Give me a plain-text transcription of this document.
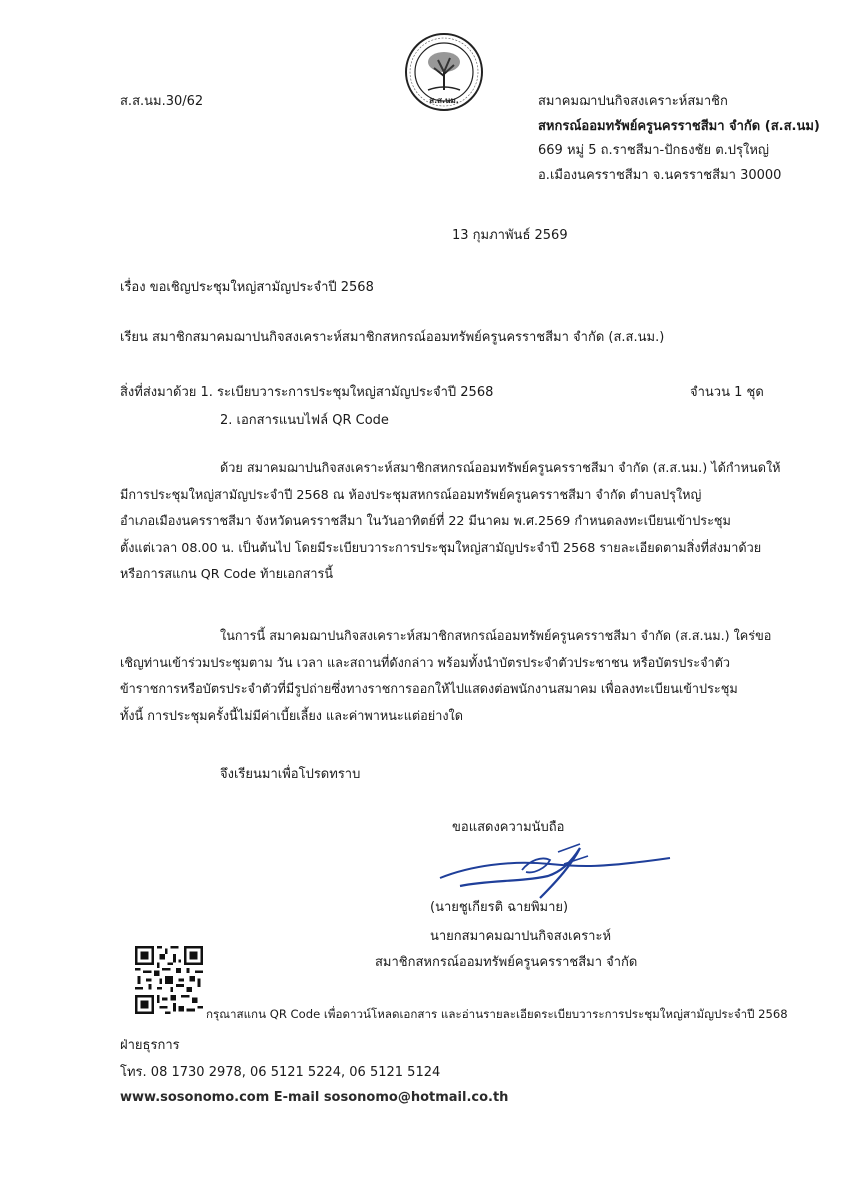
ส.ส.นม.
ส.ส.นม.30/62	สมาคมฌาปนกิจสงเคราะห์สมาชิก
สหกรณ์ออมทรัพย์ครูนครราชสีมา จำกัด (ส.ส.นม)
669 หมู่ 5 ถ.ราชสีมา-ปักธงชัย ต.ปรุใหญ่
อ.เมืองนครราชสีมา จ.นครราชสีมา 30000
13 กุมภาพันธ์ 2569
เรื่อง ขอเชิญประชุมใหญ่สามัญประจำปี 2568
เรียน สมาชิกสมาคมฌาปนกิจสงเคราะห์สมาชิกสหกรณ์ออมทรัพย์ครูนครราชสีมา จำกัด (ส.ส.นม.)
สิ่งที่ส่งมาด้วย 1. ระเบียบวาระการประชุมใหญ่สามัญประจำปี 2568	จำนวน 1 ชุด
2. เอกสารแนบไฟล์ QR Code
ด้วย สมาคมฌาปนกิจสงเคราะห์สมาชิกสหกรณ์ออมทรัพย์ครูนครราชสีมา จำกัด (ส.ส.นม.) ได้กำหนดให้
มีการประชุมใหญ่สามัญประจำปี 2568 ณ ห้องประชุมสหกรณ์ออมทรัพย์ครูนครราชสีมา จำกัด ตำบลปรุใหญ่
อำเภอเมืองนครราชสีมา จังหวัดนครราชสีมา ในวันอาทิตย์ที่ 22 มีนาคม พ.ศ.2569 กำหนดลงทะเบียนเข้าประชุม
ตั้งแต่เวลา 08.00 น. เป็นต้นไป โดยมีระเบียบวาระการประชุมใหญ่สามัญประจำปี 2568 รายละเอียดตามสิ่งที่ส่งมาด้วย
หรือการสแกน QR Code ท้ายเอกสารนี้
ในการนี้ สมาคมฌาปนกิจสงเคราะห์สมาชิกสหกรณ์ออมทรัพย์ครูนครราชสีมา จำกัด (ส.ส.นม.) ใคร่ขอ
เชิญท่านเข้าร่วมประชุมตาม วัน เวลา และสถานที่ดังกล่าว พร้อมทั้งนำบัตรประจำตัวประชาชน หรือบัตรประจำตัว
ข้าราชการหรือบัตรประจำตัวที่มีรูปถ่ายซึ่งทางราชการออกให้ไปแสดงต่อพนักงานสมาคม เพื่อลงทะเบียนเข้าประชุม
ทั้งนี้ การประชุมครั้งนี้ไม่มีค่าเบี้ยเลี้ยง และค่าพาหนะแต่อย่างใด
จึงเรียนมาเพื่อโปรดทราบ
ขอแสดงความนับถือ
(นายชูเกียรติ ฉายพิมาย)
นายกสมาคมฌาปนกิจสงเคราะห์
สมาชิกสหกรณ์ออมทรัพย์ครูนครราชสีมา จำกัด
กรุณาสแกน QR Code เพื่อดาวน์โหลดเอกสาร และอ่านรายละเอียดระเบียบวาระการประชุมใหญ่สามัญประจำปี 2568
ฝ่ายธุรการ
โทร. 08 1730 2978, 06 5121 5224, 06 5121 5124
www.sosonomo.com E-mail sosonomo@hotmail.co.th
